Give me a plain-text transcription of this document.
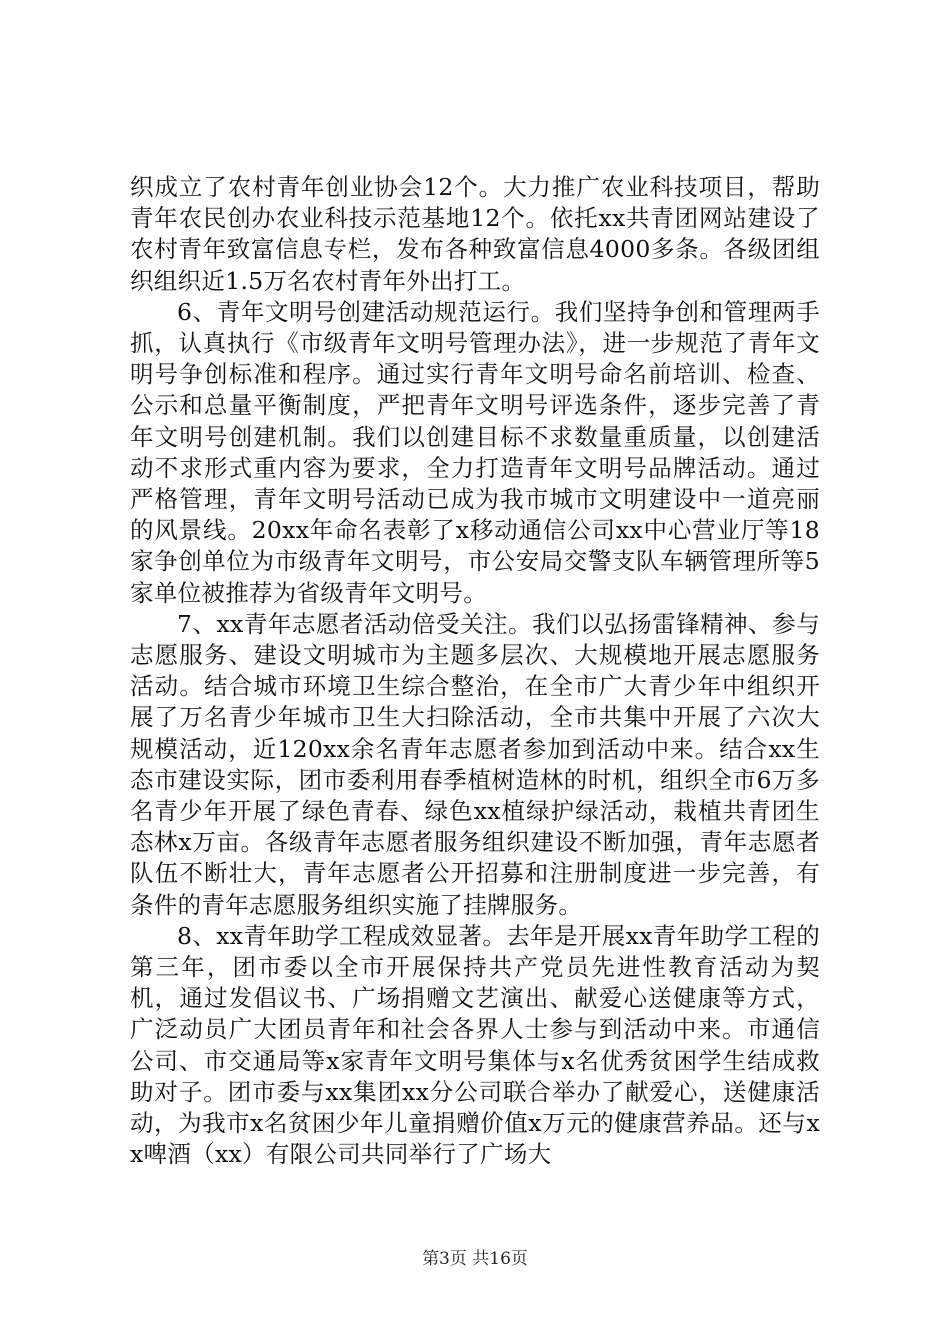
织成立了农村青年创业协会12个。大力推广农业科技项目，帮助青年农民创办农业科技示范基地12个。依托xx共青团网站建设了农村青年致富信息专栏，发布各种致富信息4000多条。各级团组织组织近1.5万名农村青年外出打工。

6、青年文明号创建活动规范运行。我们坚持争创和管理两手抓，认真执行《市级青年文明号管理办法》，进一步规范了青年文明号争创标准和程序。通过实行青年文明号命名前培训、检查、公示和总量平衡制度，严把青年文明号评选条件，逐步完善了青年文明号创建机制。我们以创建目标不求数量重质量，以创建活动不求形式重内容为要求，全力打造青年文明号品牌活动。通过严格管理，青年文明号活动已成为我市城市文明建设中一道亮丽的风景线。20xx年命名表彰了x移动通信公司xx中心营业厅等18家争创单位为市级青年文明号，市公安局交警支队车辆管理所等5家单位被推荐为省级青年文明号。

7、xx青年志愿者活动倍受关注。我们以弘扬雷锋精神、参与志愿服务、建设文明城市为主题多层次、大规模地开展志愿服务活动。结合城市环境卫生综合整治，在全市广大青少年中组织开展了万名青少年城市卫生大扫除活动，全市共集中开展了六次大规模活动，近120xx余名青年志愿者参加到活动中来。结合xx生态市建设实际，团市委利用春季植树造林的时机，组织全市6万多名青少年开展了绿色青春、绿色xx植绿护绿活动，栽植共青团生态林x万亩。各级青年志愿者服务组织建设不断加强，青年志愿者队伍不断壮大，青年志愿者公开招募和注册制度进一步完善，有条件的青年志愿服务组织实施了挂牌服务。

8、xx青年助学工程成效显著。去年是开展xx青年助学工程的第三年，团市委以全市开展保持共产党员先进性教育活动为契机，通过发倡议书、广场捐赠文艺演出、献爱心送健康等方式，广泛动员广大团员青年和社会各界人士参与到活动中来。市通信公司、市交通局等x家青年文明号集体与x名优秀贫困学生结成救助对子。团市委与xx集团xx分公司联合举办了献爱心，送健康活动，为我市x名贫困少年儿童捐赠价值x万元的健康营养品。还与xx啤酒（xx）有限公司共同举行了广场大

第3页 共16页
